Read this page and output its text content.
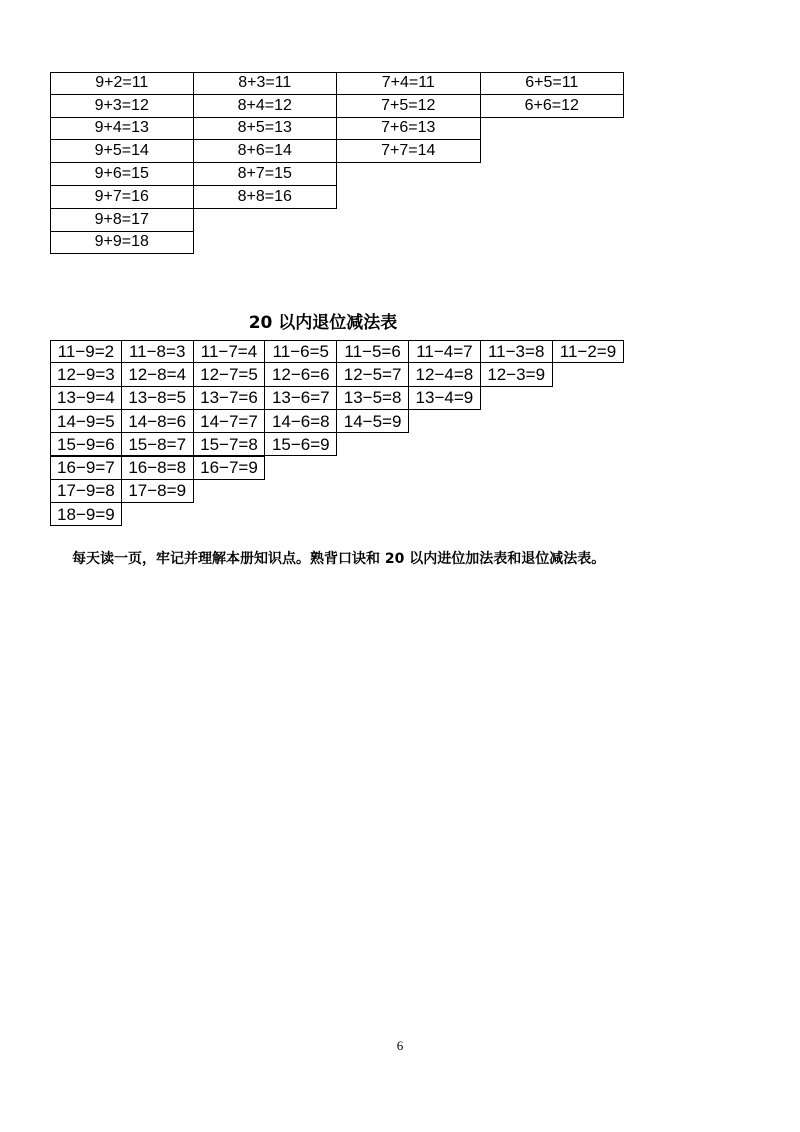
9+2=11
9+3=12
9+4=13
9+5=14
9+6=15
9+7=16
9+8=17
9+9=18
8+3=11
8+4=12
8+5=13
8+6=14
8+7=15
8+8=16
7+4=11
7+5=12
7+6=13
7+7=14
6+5=11
6+6=12
20 以内退位减法表
11−9=2
12−9=3
13−9=4
14−9=5
15−9=6
16−9=7
17−9=8
18−9=9
11−8=3
12−8=4
13−8=5
14−8=6
15−8=7
16−8=8
17−8=9
11−7=4
12−7=5
13−7=6
14−7=7
15−7=8
16−7=9
11−6=5
12−6=6
13−6=7
14−6=8
15−6=9
11−5=6
12−5=7
13−5=8
14−5=9
11−4=7
12−4=8
13−4=9
11−3=8
12−3=9
11−2=9
每天读一页，牢记并理解本册知识点。熟背口诀和 20 以内进位加法表和退位减法表。
6
